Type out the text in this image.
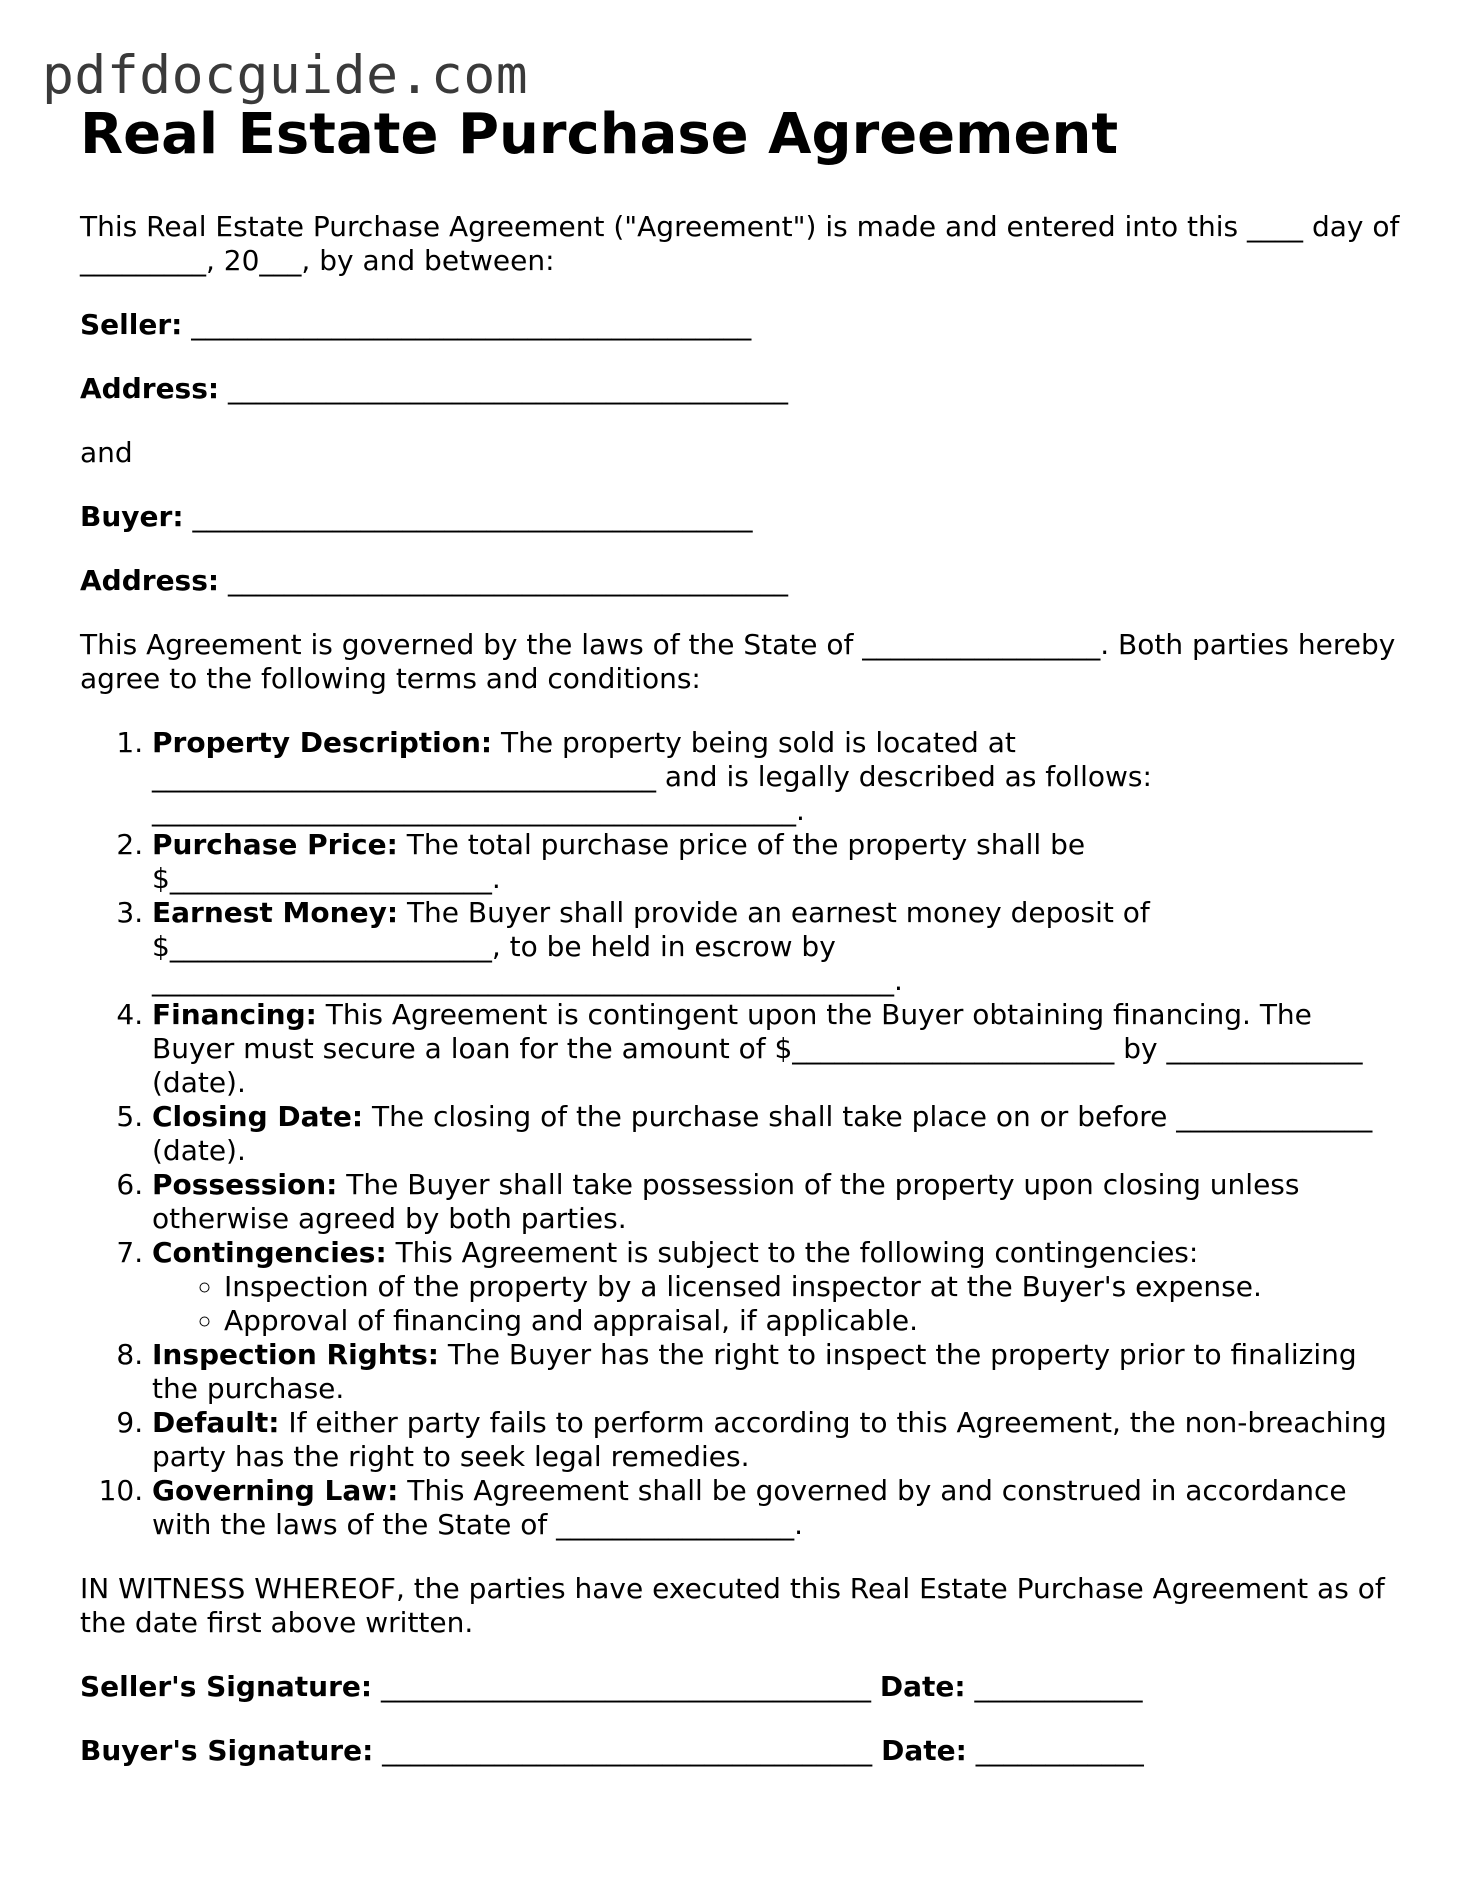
pdfdocguide.com
Real Estate Purchase Agreement

This Real Estate Purchase Agreement ("Agreement") is made and entered into this ____ day of _________, 20___, by and between:

Seller: ________________________________________

Address: ________________________________________

and

Buyer: ________________________________________

Address: ________________________________________

This Agreement is governed by the laws of the State of _________________. Both parties hereby agree to the following terms and conditions:

1. Property Description: The property being sold is located at ____________________________________ and is legally described as follows: ______________________________________________.
2. Purchase Price: The total purchase price of the property shall be $_______________________.
3. Earnest Money: The Buyer shall provide an earnest money deposit of $_______________________, to be held in escrow by _____________________________________________________.
4. Financing: This Agreement is contingent upon the Buyer obtaining financing. The Buyer must secure a loan for the amount of $_______________________ by ______________ (date).
5. Closing Date: The closing of the purchase shall take place on or before ______________ (date).
6. Possession: The Buyer shall take possession of the property upon closing unless otherwise agreed by both parties.
7. Contingencies: This Agreement is subject to the following contingencies:
◦ Inspection of the property by a licensed inspector at the Buyer's expense.
◦ Approval of financing and appraisal, if applicable.
8. Inspection Rights: The Buyer has the right to inspect the property prior to finalizing the purchase.
9. Default: If either party fails to perform according to this Agreement, the non-breaching party has the right to seek legal remedies.
10. Governing Law: This Agreement shall be governed by and construed in accordance with the laws of the State of _________________.

IN WITNESS WHEREOF, the parties have executed this Real Estate Purchase Agreement as of the date first above written.

Seller's Signature: ___________________________________ Date: ____________

Buyer's Signature: ___________________________________ Date: ____________
